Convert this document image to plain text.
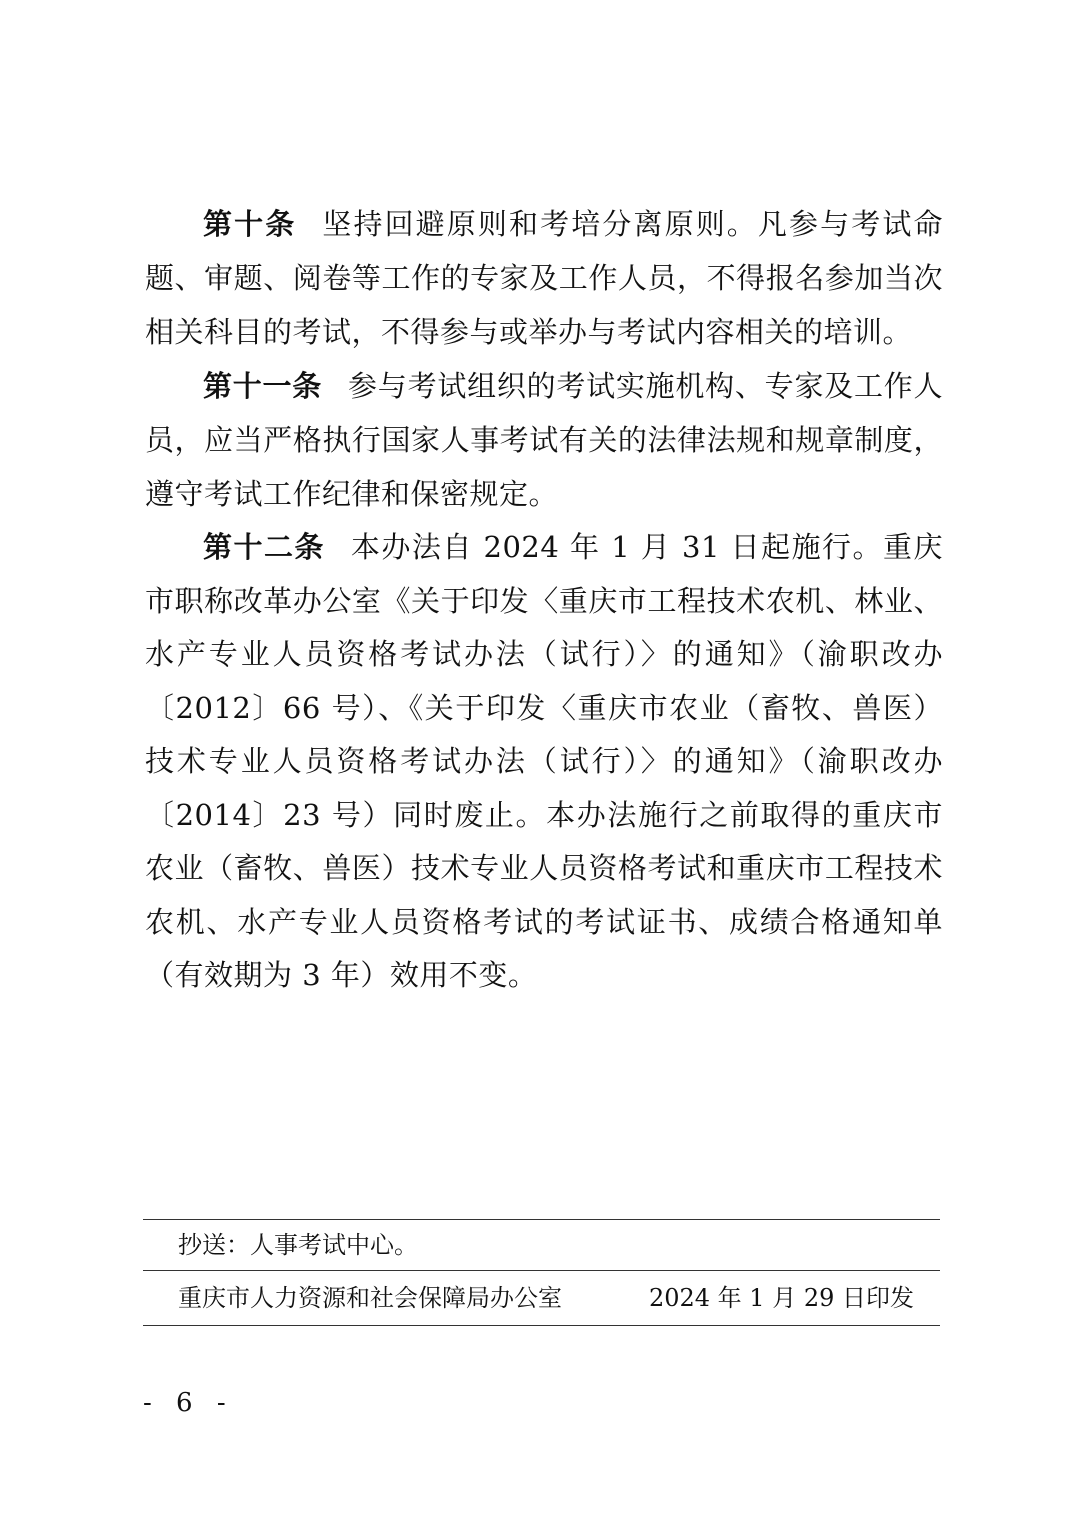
第十条 坚持回避原则和考培分离原则。凡参与考试命题、审题、阅卷等工作的专家及工作人员，不得报名参加当次相关科目的考试，不得参与或举办与考试内容相关的培训。

第十一条 参与考试组织的考试实施机构、专家及工作人员，应当严格执行国家人事考试有关的法律法规和规章制度，遵守考试工作纪律和保密规定。

第十二条 本办法自 2024 年 1 月 31 日起施行。重庆市职称改革办公室《关于印发〈重庆市工程技术农机、林业、水产专业人员资格考试办法（试行）〉的通知》（渝职改办〔2012〕66 号）、《关于印发〈重庆市农业（畜牧、兽医）技术专业人员资格考试办法（试行）〉的通知》（渝职改办〔2014〕23 号）同时废止。本办法施行之前取得的重庆市农业（畜牧、兽医）技术专业人员资格考试和重庆市工程技术农机、水产专业人员资格考试的考试证书、成绩合格通知单（有效期为 3 年）效用不变。

抄送：人事考试中心。
重庆市人力资源和社会保障局办公室	2024 年 1 月 29 日印发
- 6 -
